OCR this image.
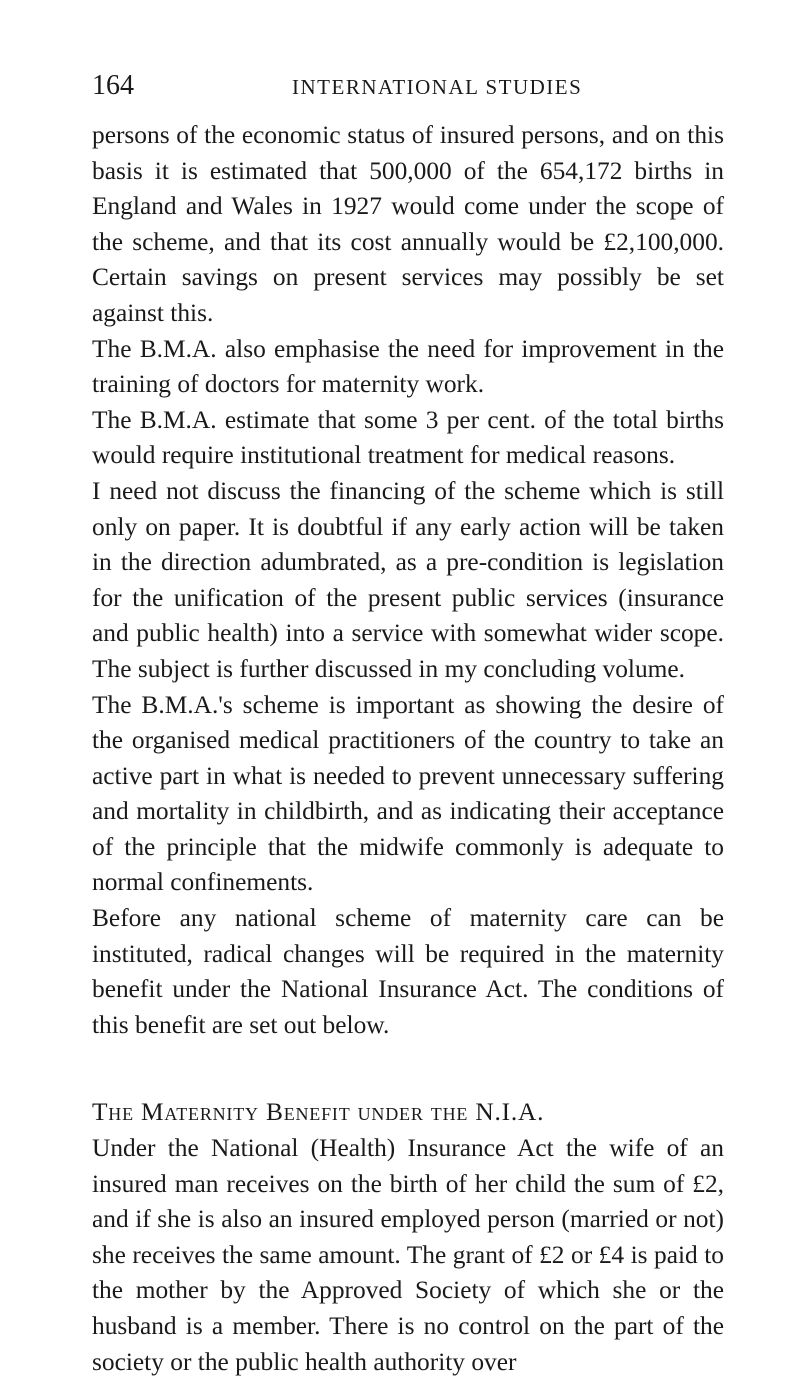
164	INTERNATIONAL STUDIES

persons of the economic status of insured persons, and on this basis it is estimated that 500,000 of the 654,172 births in England and Wales in 1927 would come under the scope of the scheme, and that its cost annually would be £2,100,000. Certain savings on present services may possibly be set against this.

The B.M.A. also emphasise the need for improvement in the training of doctors for maternity work.

The B.M.A. estimate that some 3 per cent. of the total births would require institutional treatment for medical reasons.

I need not discuss the financing of the scheme which is still only on paper. It is doubtful if any early action will be taken in the direction adumbrated, as a pre-condition is legislation for the unification of the present public services (insurance and public health) into a service with somewhat wider scope. The subject is further discussed in my concluding volume.

The B.M.A.'s scheme is important as showing the desire of the organised medical practitioners of the country to take an active part in what is needed to prevent unnecessary suffering and mortality in childbirth, and as indicating their acceptance of the principle that the midwife commonly is adequate to normal confinements.

Before any national scheme of maternity care can be instituted, radical changes will be required in the maternity benefit under the National Insurance Act. The conditions of this benefit are set out below.

The Maternity Benefit under the N.I.A.

Under the National (Health) Insurance Act the wife of an insured man receives on the birth of her child the sum of £2, and if she is also an insured employed person (married or not) she receives the same amount. The grant of £2 or £4 is paid to the mother by the Approved Society of which she or the husband is a member. There is no control on the part of the society or the public health authority over
